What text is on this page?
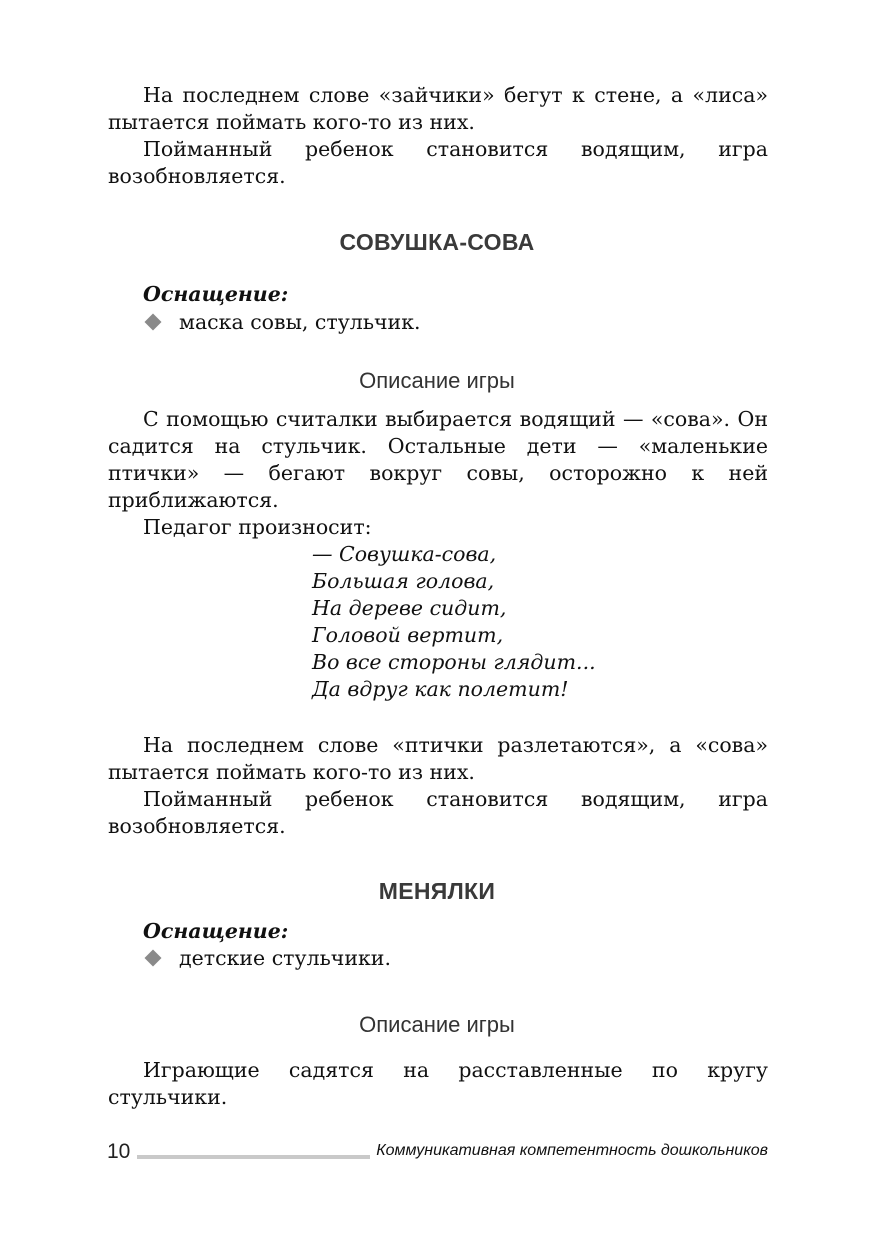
На последнем слове «зайчики» бегут к стене, а «лиса» пытается поймать кого-то из них.

Пойманный ребенок становится водящим, игра возобновляется.

СОВУШКА-СОВА
Оснащение:
маска совы, стульчик.
Описание игры

С помощью считалки выбирается водящий — «сова». Он садится на стульчик. Остальные дети — «маленькие птички» — бегают вокруг совы, осторожно к ней приближаются.

Педагог произносит:

— Совушка-сова,
Большая голова,
На дереве сидит,
Головой вертит,
Во все стороны глядит...
Да вдруг как полетит!

На последнем слове «птички разлетаются», а «сова» пытается поймать кого-то из них.

Пойманный ребенок становится водящим, игра возобновляется.

МЕНЯЛКИ
Оснащение:
детские стульчики.
Описание игры

Играющие садятся на расставленные по кругу стульчики.

10	Коммуникативная компетентность дошкольников
